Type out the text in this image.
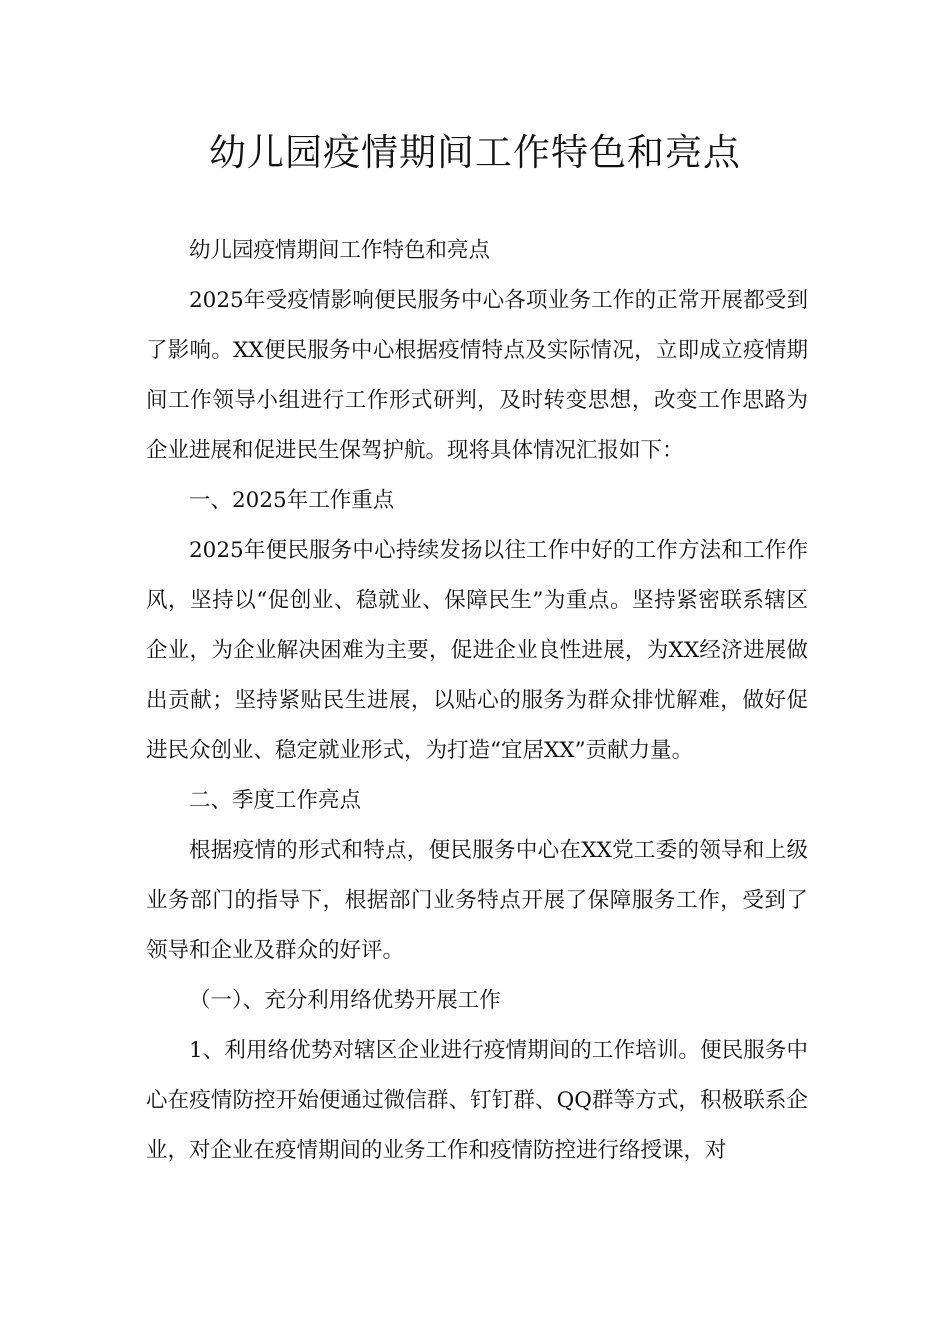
幼儿园疫情期间工作特色和亮点

幼儿园疫情期间工作特色和亮点

2025年受疫情影响便民服务中心各项业务工作的正常开展都受到了影响。XX便民服务中心根据疫情特点及实际情况，立即成立疫情期间工作领导小组进行工作形式研判，及时转变思想，改变工作思路为企业进展和促进民生保驾护航。现将具体情况汇报如下：

一、2025年工作重点

2025年便民服务中心持续发扬以往工作中好的工作方法和工作作风，坚持以“促创业、稳就业、保障民生”为重点。坚持紧密联系辖区企业，为企业解决困难为主要，促进企业良性进展，为XX经济进展做出贡献；坚持紧贴民生进展，以贴心的服务为群众排忧解难，做好促进民众创业、稳定就业形式，为打造“宜居XX”贡献力量。

二、季度工作亮点

根据疫情的形式和特点，便民服务中心在XX党工委的领导和上级业务部门的指导下，根据部门业务特点开展了保障服务工作，受到了领导和企业及群众的好评。

（一）、充分利用络优势开展工作

1、利用络优势对辖区企业进行疫情期间的工作培训。便民服务中心在疫情防控开始便通过微信群、钉钉群、QQ群等方式，积极联系企业，对企业在疫情期间的业务工作和疫情防控进行络授课，对
